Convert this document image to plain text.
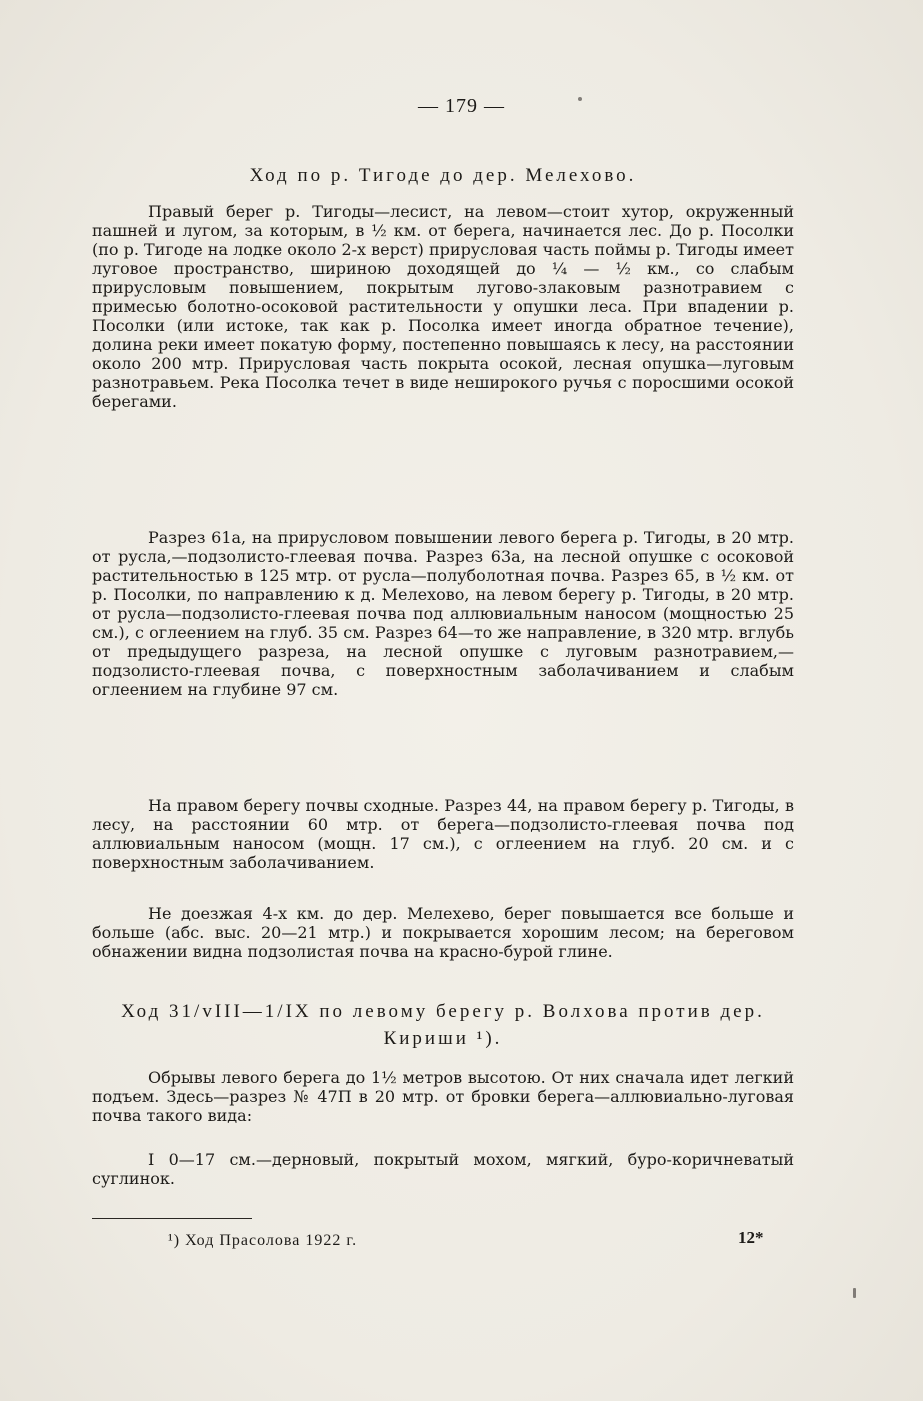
— 179 —
Ход по р. Тигоде до дер. Мелехово.

Правый берег р. Тигоды—лесист, на левом—стоит хутор, окруженный пашней и лугом, за которым, в ½ км. от берега, начинается лес. До р. Посолки (по р. Тигоде на лодке около 2-х верст) прирусловая часть поймы р. Тигоды имеет луговое пространство, шириною доходящей до ¼ — ½ км., со слабым прирусловым повышением, покрытым лугово-злаковым разнотравием с примесью болотно-осоковой растительности у опушки леса. При впадении р. Посолки (или истоке, так как р. Посолка имеет иногда обратное течение), долина реки имеет покатую форму, постепенно повышаясь к лесу, на расстоянии около 200 мтр. Прирусловая часть покрыта осокой, лесная опушка—луговым разнотравьем. Река Посолка течет в виде неширокого ручья с поросшими осокой берегами.

Разрез 61а, на прирусловом повышении левого берега р. Тигоды, в 20 мтр. от русла,—подзолисто-глеевая почва. Разрез 63а, на лесной опушке с осоковой растительностью в 125 мтр. от русла—полуболотная почва. Разрез 65, в ½ км. от р. Посолки, по направлению к д. Мелехово, на левом берегу р. Тигоды, в 20 мтр. от русла—подзолисто-глеевая почва под аллювиальным наносом (мощностью 25 см.), с оглеением на глуб. 35 см. Разрез 64—то же направление, в 320 мтр. вглубь от предыдущего разреза, на лесной опушке с луговым разнотравием,—подзолисто-глеевая почва, с поверхностным заболачиванием и слабым оглеением на глубине 97 см.

На правом берегу почвы сходные. Разрез 44, на правом берегу р. Тигоды, в лесу, на расстоянии 60 мтр. от берега—подзолисто-глеевая почва под аллювиальным наносом (мощн. 17 см.), с оглеением на глуб. 20 см. и с поверхностным заболачиванием.

Не доезжая 4-х км. до дер. Мелехево, берег повышается все больше и больше (абс. выс. 20—21 мтр.) и покрывается хорошим лесом; на береговом обнажении видна подзолистая почва на красно-бурой глине.

Ход 31/vIII—1/IX по левому берегу р. Волхова против дер. Кириши ¹).

Обрывы левого берега до 1½ метров высотою. От них сначала идет легкий подъем. Здесь—разрез № 47П в 20 мтр. от бровки берега—аллювиально-луговая почва такого вида:

I 0—17 см.—дерновый, покрытый мохом, мягкий, буро-коричневатый суглинок.

¹) Ход Прасолова 1922 г.	12*
